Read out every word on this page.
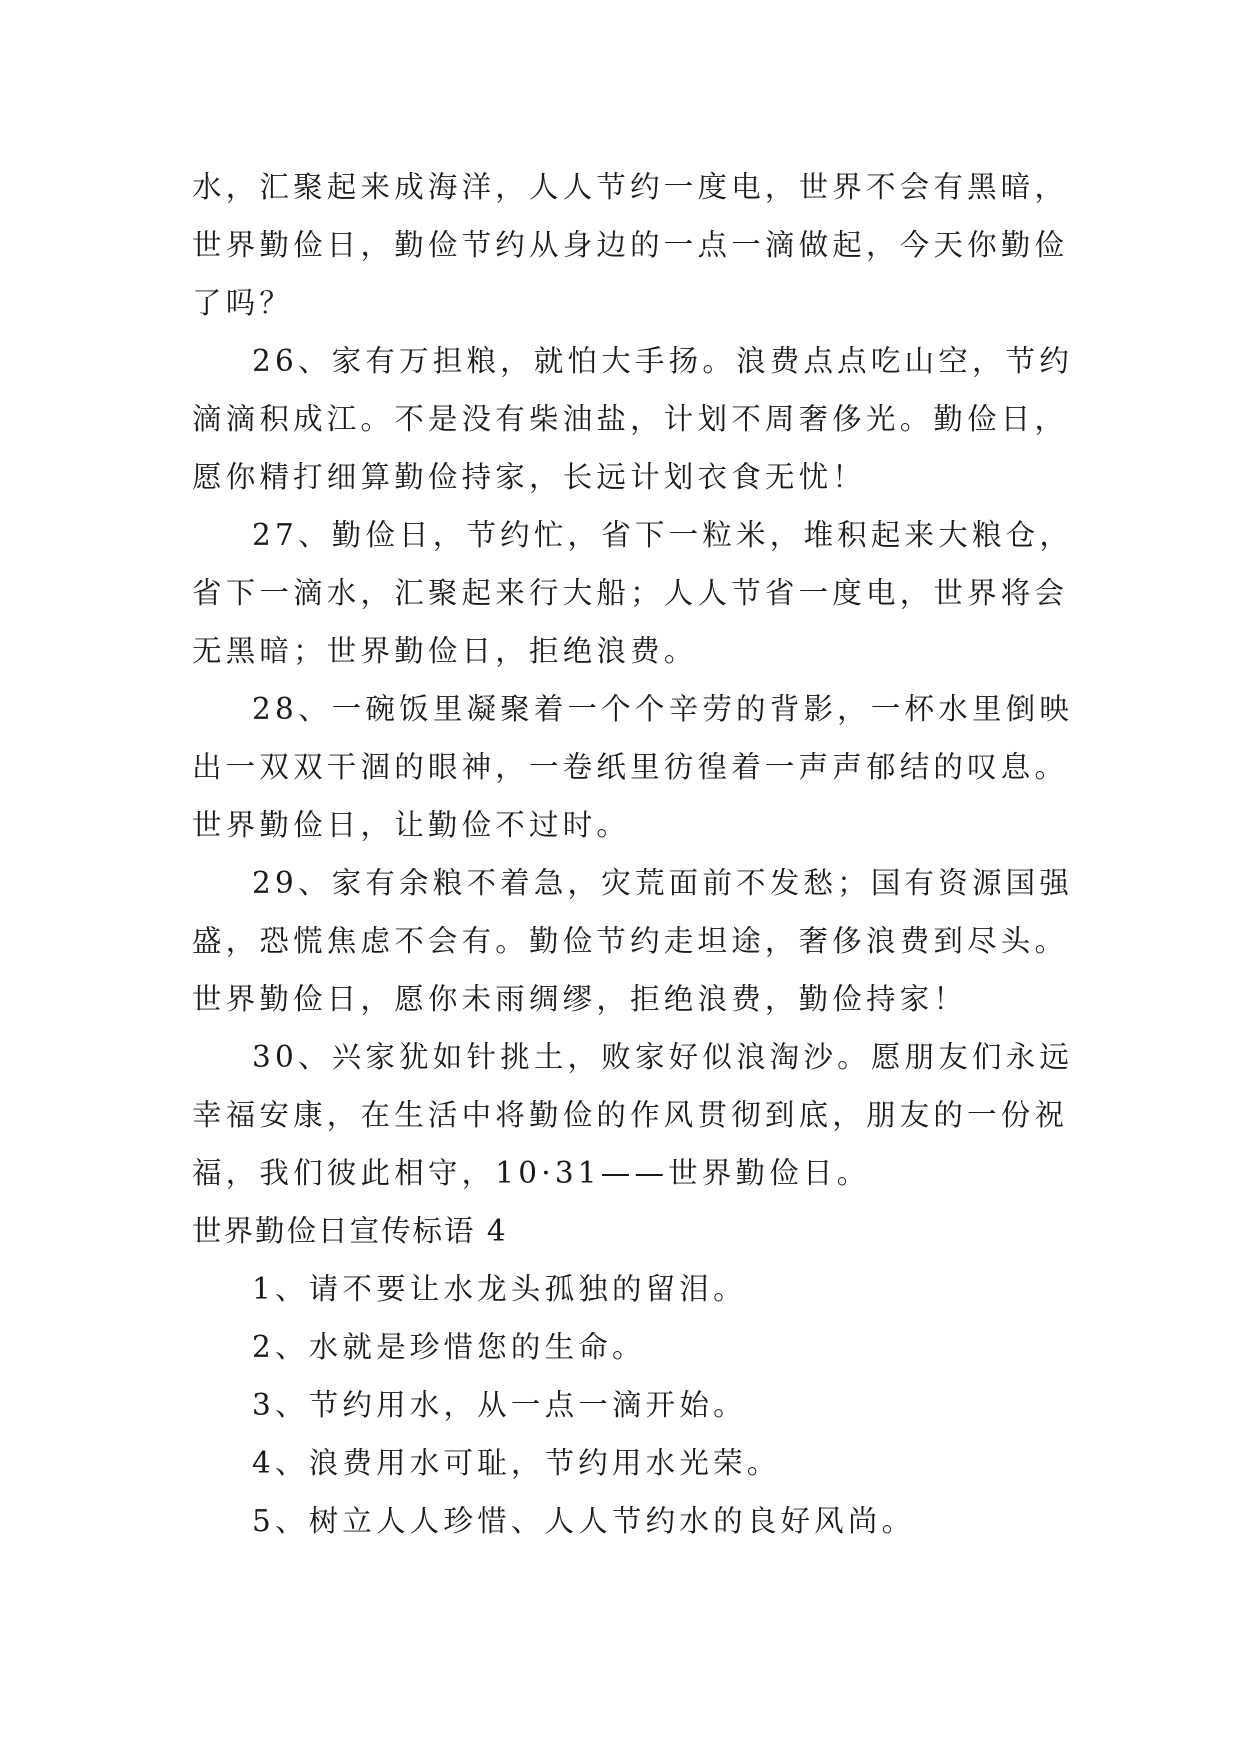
水，汇聚起来成海洋，人人节约一度电，世界不会有黑暗，
世界勤俭日，勤俭节约从身边的一点一滴做起，今天你勤俭
了吗？
26、家有万担粮，就怕大手扬。浪费点点吃山空，节约
滴滴积成江。不是没有柴油盐，计划不周奢侈光。勤俭日，
愿你精打细算勤俭持家，长远计划衣食无忧！
27、勤俭日，节约忙，省下一粒米，堆积起来大粮仓，
省下一滴水，汇聚起来行大船；人人节省一度电，世界将会
无黑暗；世界勤俭日，拒绝浪费。
28、一碗饭里凝聚着一个个辛劳的背影，一杯水里倒映
出一双双干涸的眼神，一卷纸里彷徨着一声声郁结的叹息。
世界勤俭日，让勤俭不过时。
29、家有余粮不着急，灾荒面前不发愁；国有资源国强
盛，恐慌焦虑不会有。勤俭节约走坦途，奢侈浪费到尽头。
世界勤俭日，愿你未雨绸缪，拒绝浪费，勤俭持家！
30、兴家犹如针挑土，败家好似浪淘沙。愿朋友们永远
幸福安康，在生活中将勤俭的作风贯彻到底，朋友的一份祝
福，我们彼此相守，10·31——世界勤俭日。
世界勤俭日宣传标语 4
1、请不要让水龙头孤独的留泪。
2、水就是珍惜您的生命。
3、节约用水，从一点一滴开始。
4、浪费用水可耻，节约用水光荣。
5、树立人人珍惜、人人节约水的良好风尚。
